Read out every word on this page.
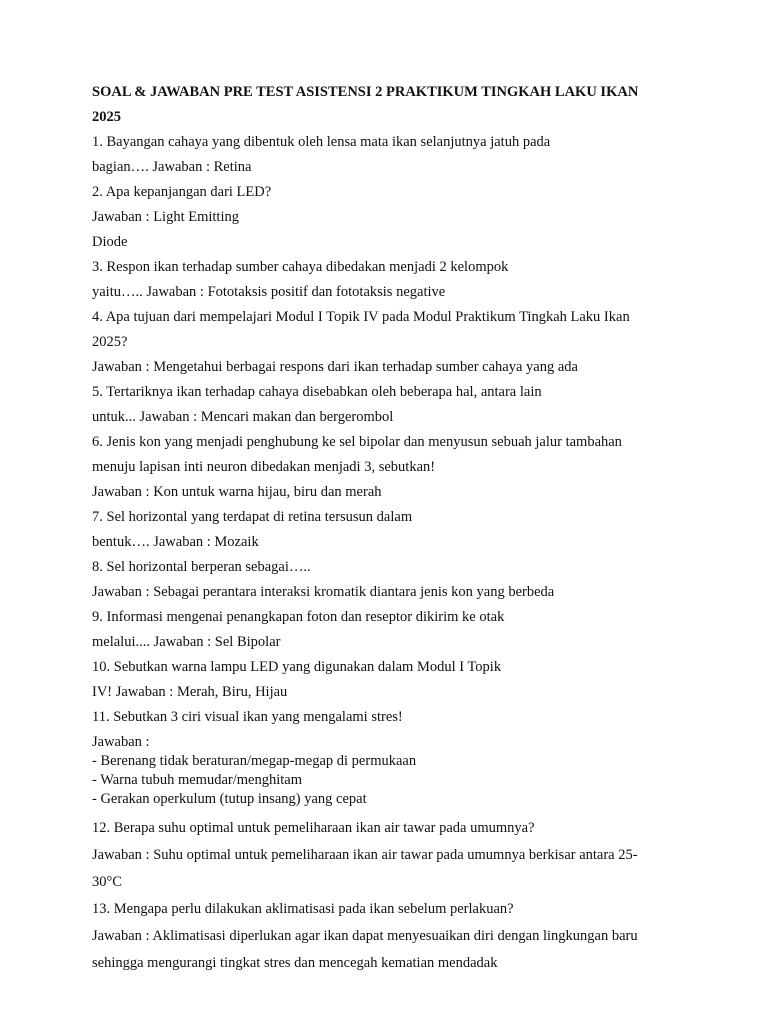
SOAL & JAWABAN PRE TEST ASISTENSI 2 PRAKTIKUM TINGKAH LAKU IKAN

2025

1. Bayangan cahaya yang dibentuk oleh lensa mata ikan selanjutnya jatuh pada

bagian…. Jawaban : Retina

2. Apa kepanjangan dari LED?

Jawaban : Light Emitting

Diode

3. Respon ikan terhadap sumber cahaya dibedakan menjadi 2 kelompok

yaitu….. Jawaban : Fototaksis positif dan fototaksis negative

4. Apa tujuan dari mempelajari Modul I Topik IV pada Modul Praktikum Tingkah Laku Ikan

2025?

Jawaban : Mengetahui berbagai respons dari ikan terhadap sumber cahaya yang ada

5. Tertariknya ikan terhadap cahaya disebabkan oleh beberapa hal, antara lain

untuk... Jawaban : Mencari makan dan bergerombol

6. Jenis kon yang menjadi penghubung ke sel bipolar dan menyusun sebuah jalur tambahan

menuju lapisan inti neuron dibedakan menjadi 3, sebutkan!

Jawaban : Kon untuk warna hijau, biru dan merah

7. Sel horizontal yang terdapat di retina tersusun dalam

bentuk…. Jawaban : Mozaik

8. Sel horizontal berperan sebagai…..

Jawaban : Sebagai perantara interaksi kromatik diantara jenis kon yang berbeda

9. Informasi mengenai penangkapan foton dan reseptor dikirim ke otak

melalui.... Jawaban : Sel Bipolar

10. Sebutkan warna lampu LED yang digunakan dalam Modul I Topik

IV! Jawaban : Merah, Biru, Hijau

11. Sebutkan 3 ciri visual ikan yang mengalami stres!

Jawaban :

- Berenang tidak beraturan/megap-megap di permukaan

- Warna tubuh memudar/menghitam

- Gerakan operkulum (tutup insang) yang cepat

12. Berapa suhu optimal untuk pemeliharaan ikan air tawar pada umumnya?

Jawaban : Suhu optimal untuk pemeliharaan ikan air tawar pada umumnya berkisar antara 25-

30°C

13. Mengapa perlu dilakukan aklimatisasi pada ikan sebelum perlakuan?

Jawaban : Aklimatisasi diperlukan agar ikan dapat menyesuaikan diri dengan lingkungan baru

sehingga mengurangi tingkat stres dan mencegah kematian mendadak
